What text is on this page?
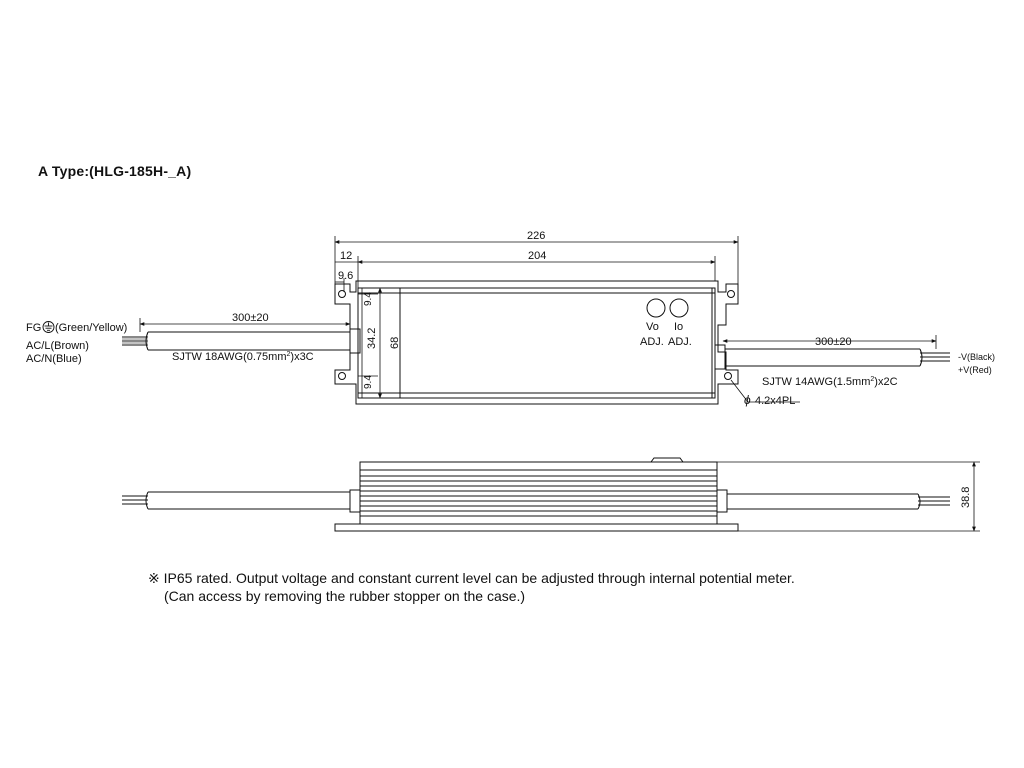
A Type:(HLG-185H-_A)
Vo Io
ADJ. ADJ.
300±20
FG (Green/Yellow)
AC/L(Brown)
AC/N(Blue)	SJTW $18AWG(0.75mm^2)x3C$
300±20
-V(Black)
+V(Red)
SJTW $14AWG(1.5mm^2)x2C$
ϕ 4.2x4PL
226
204
12
9.6
9.4
34.2
9.4
68
38.8
※ IP65 rated. Output voltage and constant current level can be adjusted through internal potential meter.
(Can access by removing the rubber stopper on the case.)
